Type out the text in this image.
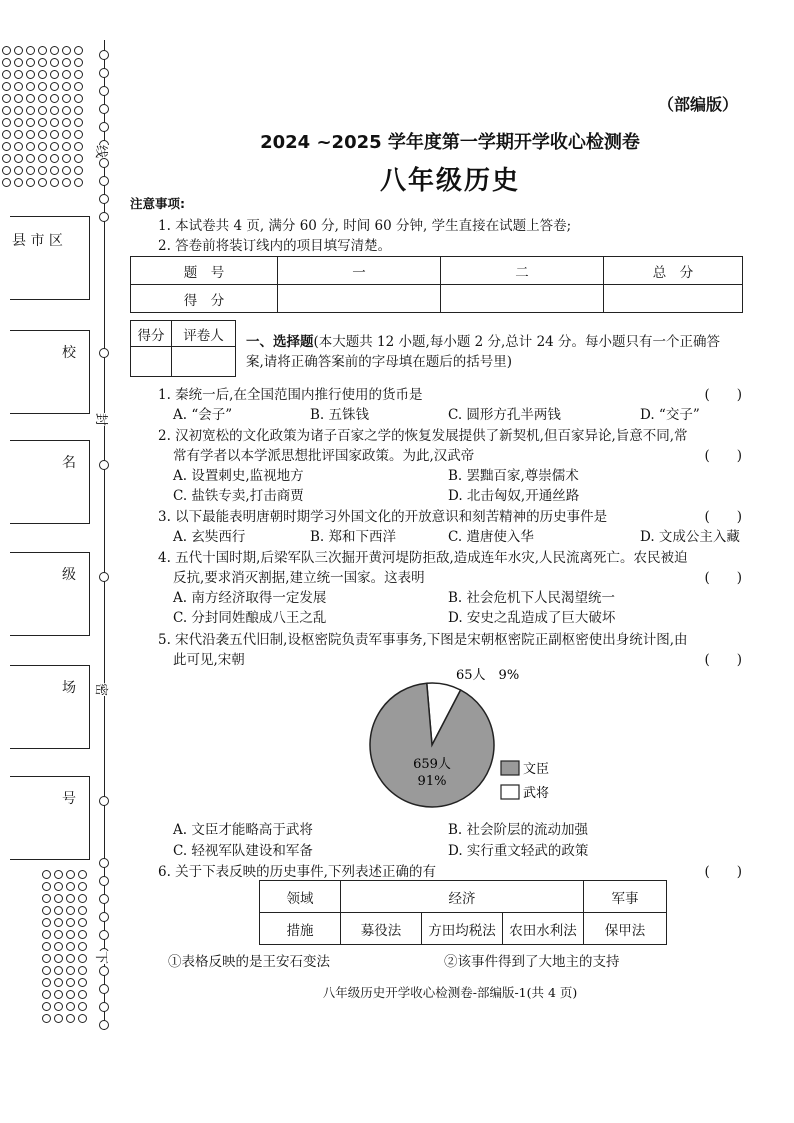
线
封
密
下
县 市 区
校
名
级
场
号
（部编版）
2024 ~2025 学年度第一学期开学收心检测卷
八年级历史
注意事项:
1. 本试卷共 4 页, 满分 60 分, 时间 60 分钟, 学生直接在试题上答卷;
2. 答卷前将装订线内的项目填写清楚。
题　号	一	二	总　分
得　分			
得分	评卷人
	一、选择题(本大题共 12 小题,每小题 2 分,总计 24 分。每小题只有一个正确答
案,请将正确答案前的字母填在题后的括号里)
1. 秦统一后,在全国范围内推行使用的货币是	(　　)
A. “会子”	B. 五铢钱	C. 圆形方孔半两钱	D. “交子”
2. 汉初宽松的文化政策为诸子百家之学的恢复发展提供了新契机,但百家异论,旨意不同,常
常有学者以本学派思想批评国家政策。为此,汉武帝	(　　)
A. 设置刺史,监视地方	B. 罢黜百家,尊崇儒术
C. 盐铁专卖,打击商贾	D. 北击匈奴,开通丝路
3. 以下最能表明唐朝时期学习外国文化的开放意识和刻苦精神的历史事件是	(　　)
A. 玄奘西行	B. 郑和下西洋	C. 遣唐使入华	D. 文成公主入藏
4. 五代十国时期,后梁军队三次掘开黄河堤防拒敌,造成连年水灾,人民流离死亡。农民被迫
反抗,要求消灭割据,建立统一国家。这表明	(　　)
A. 南方经济取得一定发展	B. 社会危机下人民渴望统一
C. 分封同姓酿成八王之乱	D. 安史之乱造成了巨大破坏
5. 宋代沿袭五代旧制,设枢密院负责军事事务,下图是宋朝枢密院正副枢密使出身统计图,由
此可见,宋朝	(　　)
65人　9%
659人
91%
文臣
武将
A. 文臣才能略高于武将	B. 社会阶层的流动加强
C. 轻视军队建设和军备	D. 实行重文轻武的政策
6. 关于下表反映的历史事件,下列表述正确的有	(　　)
领域	经济			军事
措施	募役法	方田均税法	农田水利法	保甲法
①表格反映的是王安石变法	②该事件得到了大地主的支持
八年级历史开学收心检测卷-部编版-1(共 4 页)
